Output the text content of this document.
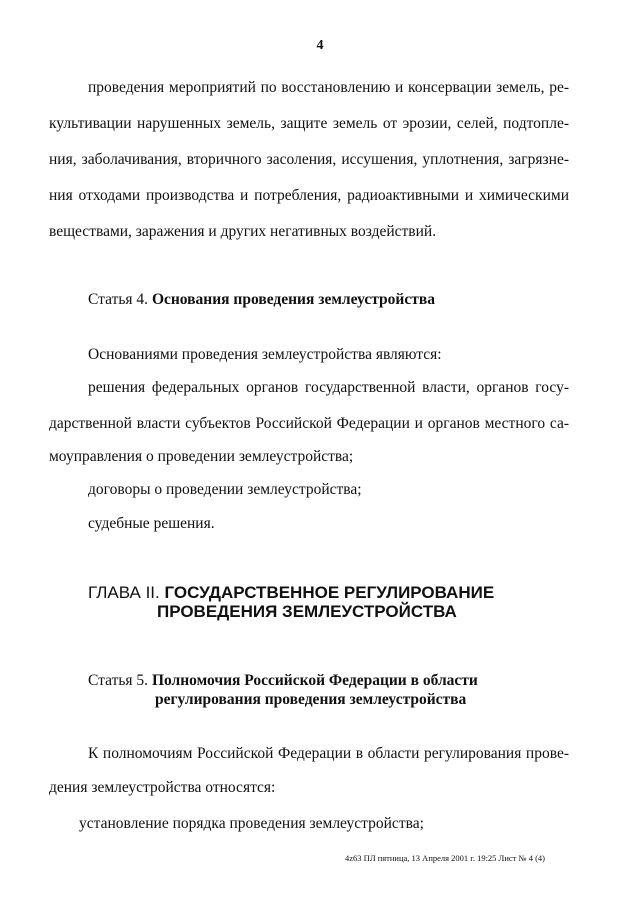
4
проведения мероприятий по восстановлению и консервации земель, ре-
культивации нарушенных земель, защите земель от эрозии, селей, подтопле-
ния, заболачивания, вторичного засоления, иссушения, уплотнения, загрязне-
ния отходами производства и потребления, радиоактивными и химическими
веществами, заражения и других негативных воздействий.
Статья 4. Основания проведения землеустройства
Основаниями проведения землеустройства являются:
решения федеральных органов государственной власти, органов госу-
дарственной власти субъектов Российской Федерации и органов местного са-
моуправления о проведении землеустройства;
договоры о проведении землеустройства;
судебные решения.
ГЛАВА II. ГОСУДАРСТВЕННОЕ РЕГУЛИРОВАНИЕ
ПРОВЕДЕНИЯ ЗЕМЛЕУСТРОЙСТВА
Статья 5. Полномочия Российской Федерации в области
регулирования проведения землеустройства
К полномочиям Российской Федерации в области регулирования прове-
дения землеустройства относятся:
установление порядка проведения землеустройства;
4z63 ПЛ пятница, 13 Апреля 2001 г. 19:25 Лист № 4 (4)
